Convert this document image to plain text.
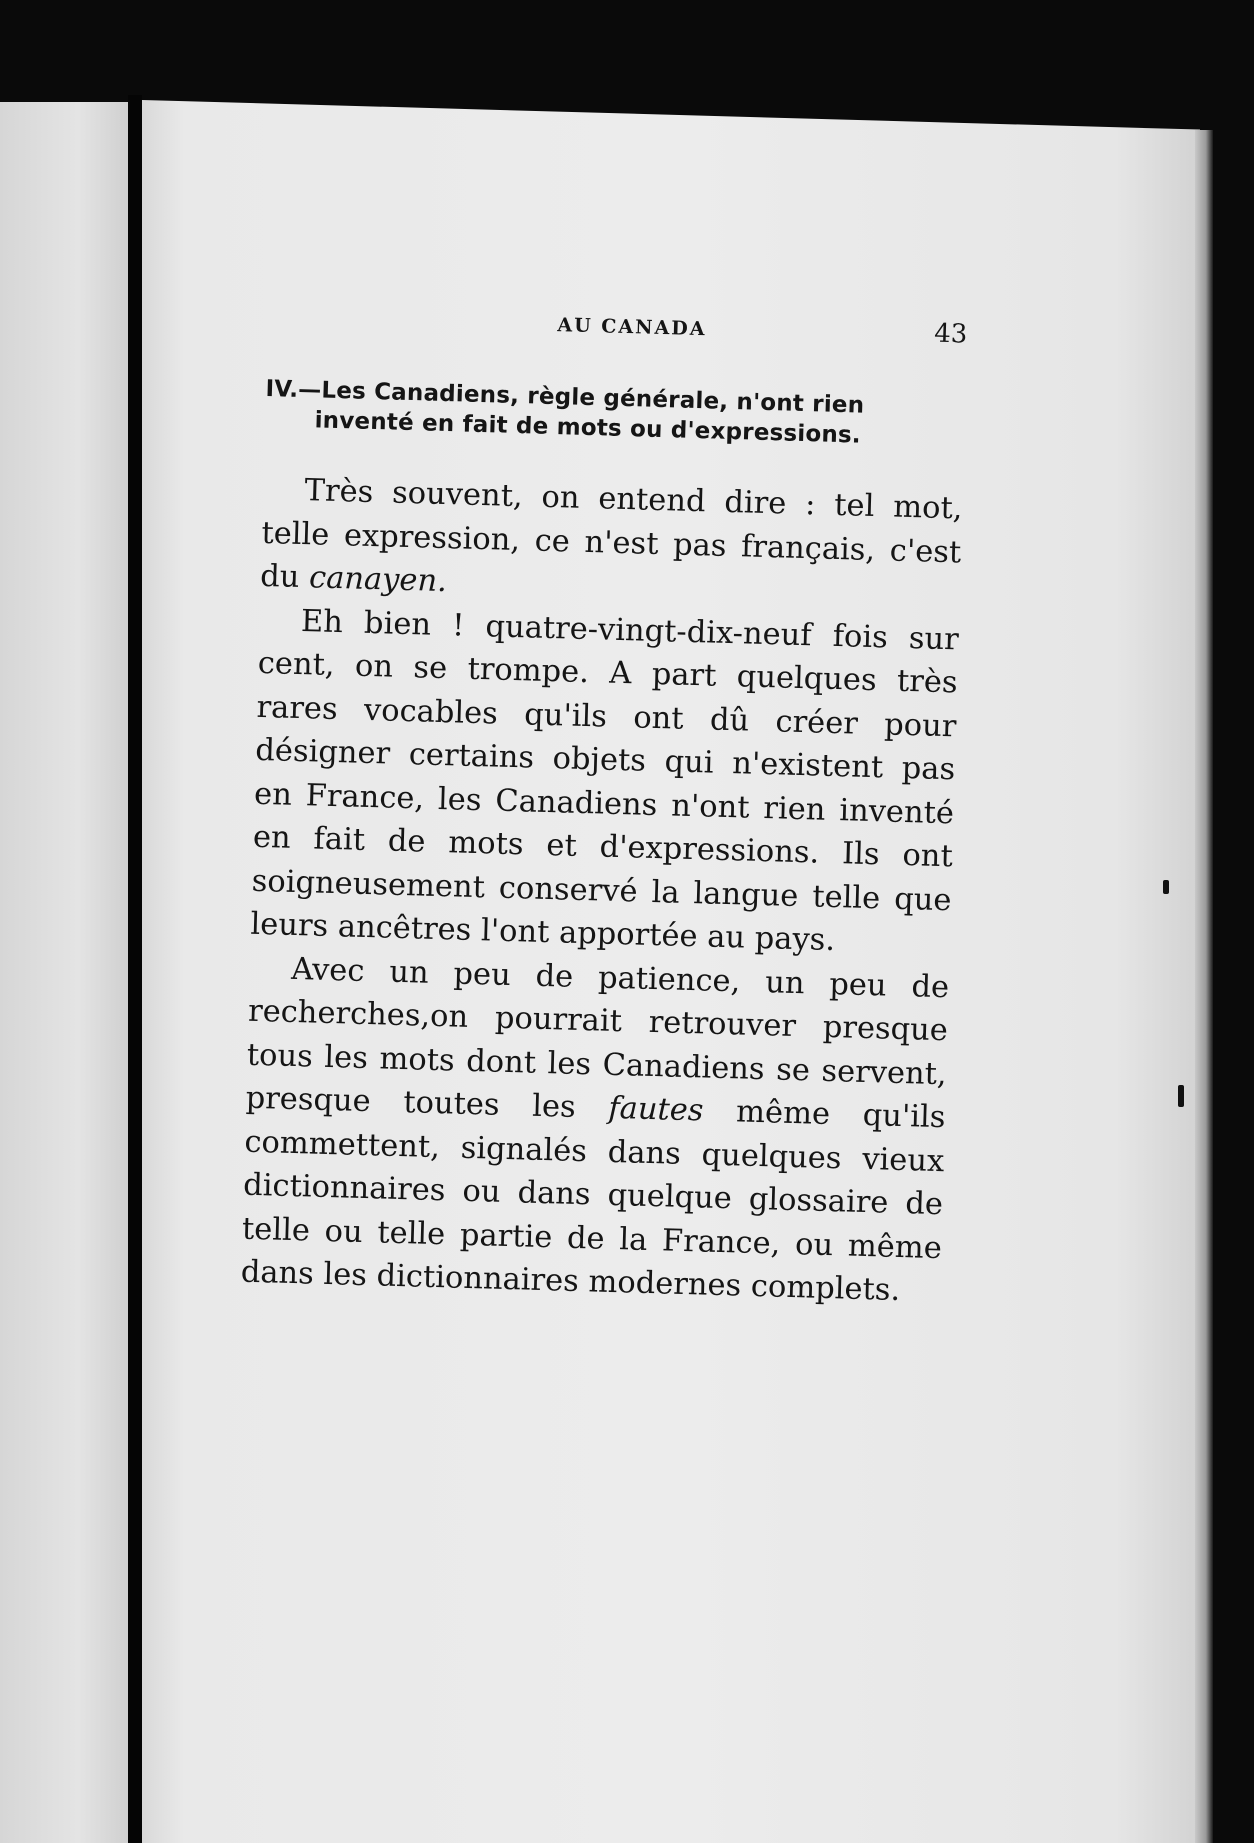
AU CANADA	43
IV.—Les Canadiens, règle générale, n'ont rien
inventé en fait de mots ou d'expressions.

Très souvent, on entend dire : tel mot, telle expression, ce n'est pas français, c'est du canayen.

Eh bien ! quatre-vingt-dix-neuf fois sur cent, on se trompe. A part quelques très rares vocables qu'ils ont dû créer pour désigner certains objets qui n'existent pas en France, les Canadiens n'ont rien inventé en fait de mots et d'expressions. Ils ont soigneusement conservé la langue telle que leurs ancêtres l'ont apportée au pays.

Avec un peu de patience, un peu de recherches,on pourrait retrouver presque tous les mots dont les Canadiens se servent, presque toutes les fautes même qu'ils commettent, signalés dans quelques vieux dictionnaires ou dans quelque glossaire de telle ou telle partie de la France, ou même dans les dictionnaires modernes complets.
